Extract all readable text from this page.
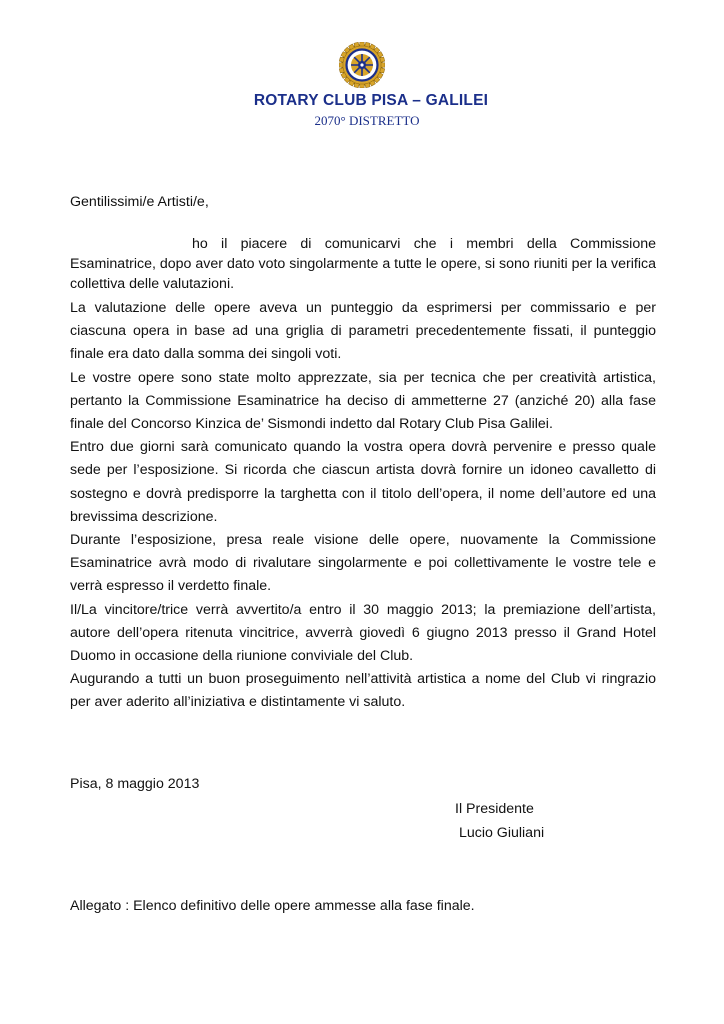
ROTARY CLUB PISA – GALILEI
2070° DISTRETTO
Gentilissimi/e Artisti/e,

ho il piacere di comunicarvi che i membri della Commissione Esaminatrice, dopo aver dato voto singolarmente a tutte le opere, si sono riuniti per la verifica collettiva delle valutazioni.

La valutazione delle opere aveva un punteggio da esprimersi per commissario e per ciascuna opera in base ad una griglia di parametri precedentemente fissati, il punteggio finale era dato dalla somma dei singoli voti.

Le vostre opere sono state molto apprezzate, sia per tecnica che per creatività artistica, pertanto la Commissione Esaminatrice ha deciso di ammetterne 27 (anziché 20) alla fase finale del Concorso Kinzica de’ Sismondi indetto dal Rotary Club Pisa Galilei.

Entro due giorni sarà comunicato quando la vostra opera dovrà pervenire e presso quale sede per l’esposizione. Si ricorda che ciascun artista dovrà fornire un idoneo cavalletto di sostegno e dovrà predisporre la targhetta con il titolo dell’opera, il nome dell’autore ed una brevissima descrizione.

Durante l’esposizione, presa reale visione delle opere, nuovamente la Commissione Esaminatrice avrà modo di rivalutare singolarmente e poi collettivamente le vostre tele e verrà espresso il verdetto finale.

Il/La vincitore/trice verrà avvertito/a entro il 30 maggio 2013; la premiazione dell’artista, autore dell’opera ritenuta vincitrice, avverrà giovedì 6 giugno 2013 presso il Grand Hotel Duomo in occasione della riunione conviviale del Club.

Augurando a tutti un buon proseguimento nell’attività artistica a nome del Club vi ringrazio per aver aderito all’iniziativa e distintamente vi saluto.

Pisa, 8 maggio 2013
Il Presidente
Lucio Giuliani
Allegato : Elenco definitivo delle opere ammesse alla fase finale.
